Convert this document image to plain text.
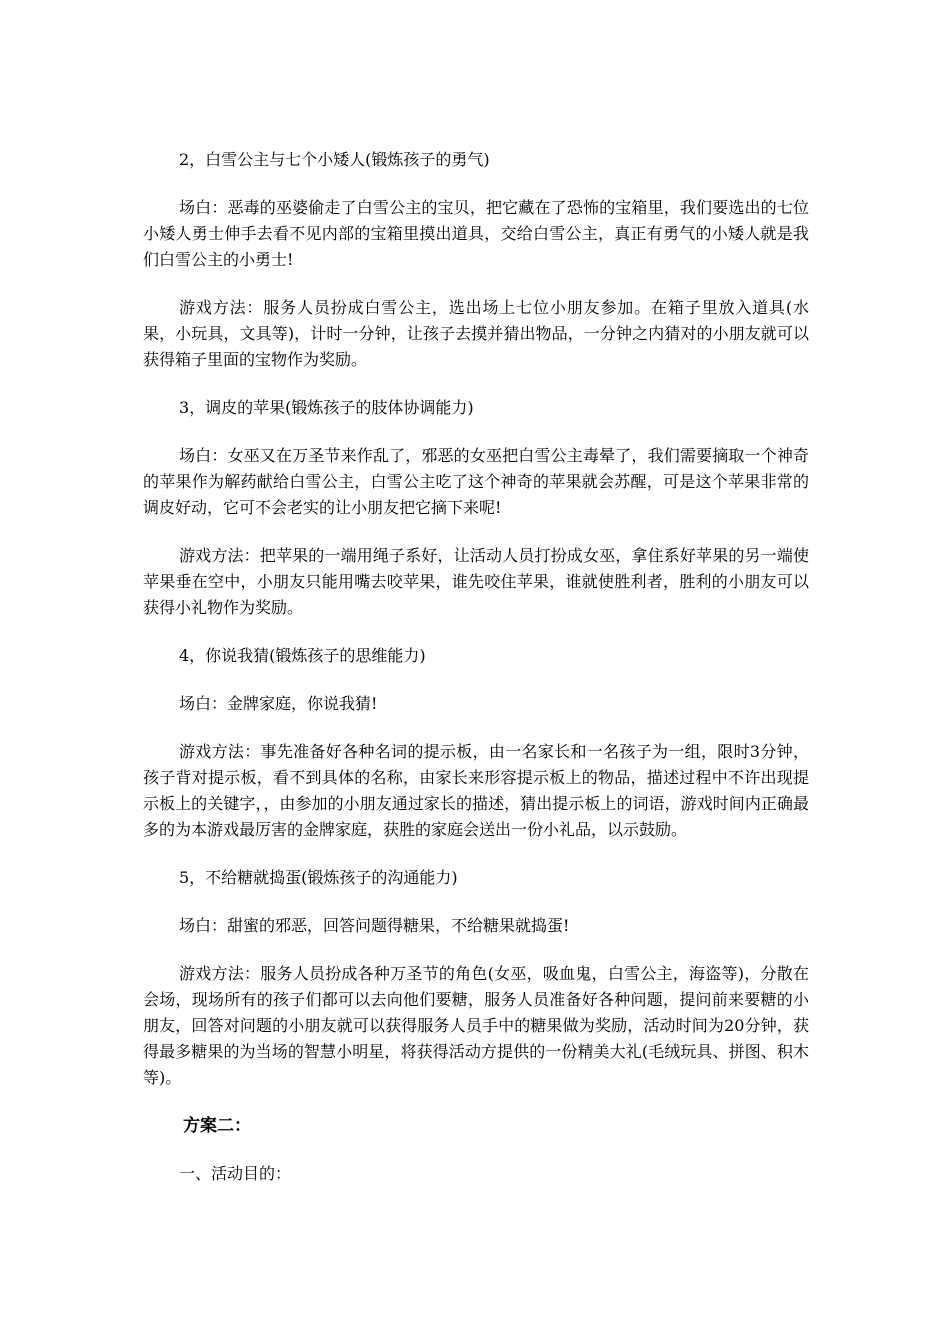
2，白雪公主与七个小矮人(锻炼孩子的勇气)

场白：恶毒的巫婆偷走了白雪公主的宝贝，把它藏在了恐怖的宝箱里，我们要选出的七位小矮人勇士伸手去看不见内部的宝箱里摸出道具，交给白雪公主，真正有勇气的小矮人就是我们白雪公主的小勇士!

游戏方法：服务人员扮成白雪公主，选出场上七位小朋友参加。在箱子里放入道具(水果，小玩具，文具等)，计时一分钟，让孩子去摸并猜出物品，一分钟之内猜对的小朋友就可以获得箱子里面的宝物作为奖励。

3，调皮的苹果(锻炼孩子的肢体协调能力)

场白：女巫又在万圣节来作乱了，邪恶的女巫把白雪公主毒晕了，我们需要摘取一个神奇的苹果作为解药献给白雪公主，白雪公主吃了这个神奇的苹果就会苏醒，可是这个苹果非常的调皮好动，它可不会老实的让小朋友把它摘下来呢!

游戏方法：把苹果的一端用绳子系好，让活动人员打扮成女巫，拿住系好苹果的另一端使苹果垂在空中，小朋友只能用嘴去咬苹果，谁先咬住苹果，谁就使胜利者，胜利的小朋友可以获得小礼物作为奖励。

4，你说我猜(锻炼孩子的思维能力)

场白：金牌家庭，你说我猜!

游戏方法：事先准备好各种名词的提示板，由一名家长和一名孩子为一组，限时3分钟，孩子背对提示板，看不到具体的名称，由家长来形容提示板上的物品，描述过程中不许出现提示板上的关键字，，由参加的小朋友通过家长的描述，猜出提示板上的词语，游戏时间内正确最多的为本游戏最厉害的金牌家庭，获胜的家庭会送出一份小礼品，以示鼓励。

5，不给糖就捣蛋(锻炼孩子的沟通能力)

场白：甜蜜的邪恶，回答问题得糖果，不给糖果就捣蛋!

游戏方法：服务人员扮成各种万圣节的角色(女巫，吸血鬼，白雪公主，海盗等)，分散在会场，现场所有的孩子们都可以去向他们要糖，服务人员准备好各种问题，提问前来要糖的小朋友，回答对问题的小朋友就可以获得服务人员手中的糖果做为奖励，活动时间为20分钟，获得最多糖果的为当场的智慧小明星，将获得活动方提供的一份精美大礼(毛绒玩具、拼图、积木等)。

方案二：

一、活动目的：
